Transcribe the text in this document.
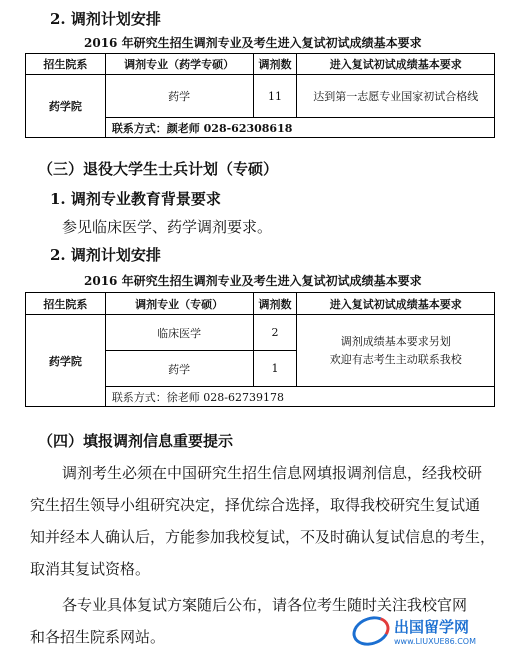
2. 调剂计划安排
2016 年研究生招生调剂专业及考生进入复试初试成绩基本要求
招生院系	调剂专业（药学专硕）	调剂数	进入复试初试成绩基本要求
药学院	药学	11	达到第一志愿专业国家初试合格线
	联系方式：颜老师 028-62308618		
（三）退役大学生士兵计划（专硕）
1. 调剂专业教育背景要求
参见临床医学、药学调剂要求。
2. 调剂计划安排
2016 年研究生招生调剂专业及考生进入复试初试成绩基本要求
招生院系	调剂专业（专硕）	调剂数	进入复试初试成绩基本要求
药学院	临床医学	2	调剂成绩基本要求另划
欢迎有志考生主动联系我校

	药学	1	
	联系方式：徐老师 028-62739178		
（四）填报调剂信息重要提示
调剂考生必须在中国研究生招生信息网填报调剂信息，经我校研
究生招生领导小组研究决定，择优综合选择，取得我校研究生复试通
知并经本人确认后，方能参加我校复试，不及时确认复试信息的考生，
取消其复试资格。
各专业具体复试方案随后公布，请各位考生随时关注我校官网
和各招生院系网站。
出国留学网
www.LIUXUE86.COM
